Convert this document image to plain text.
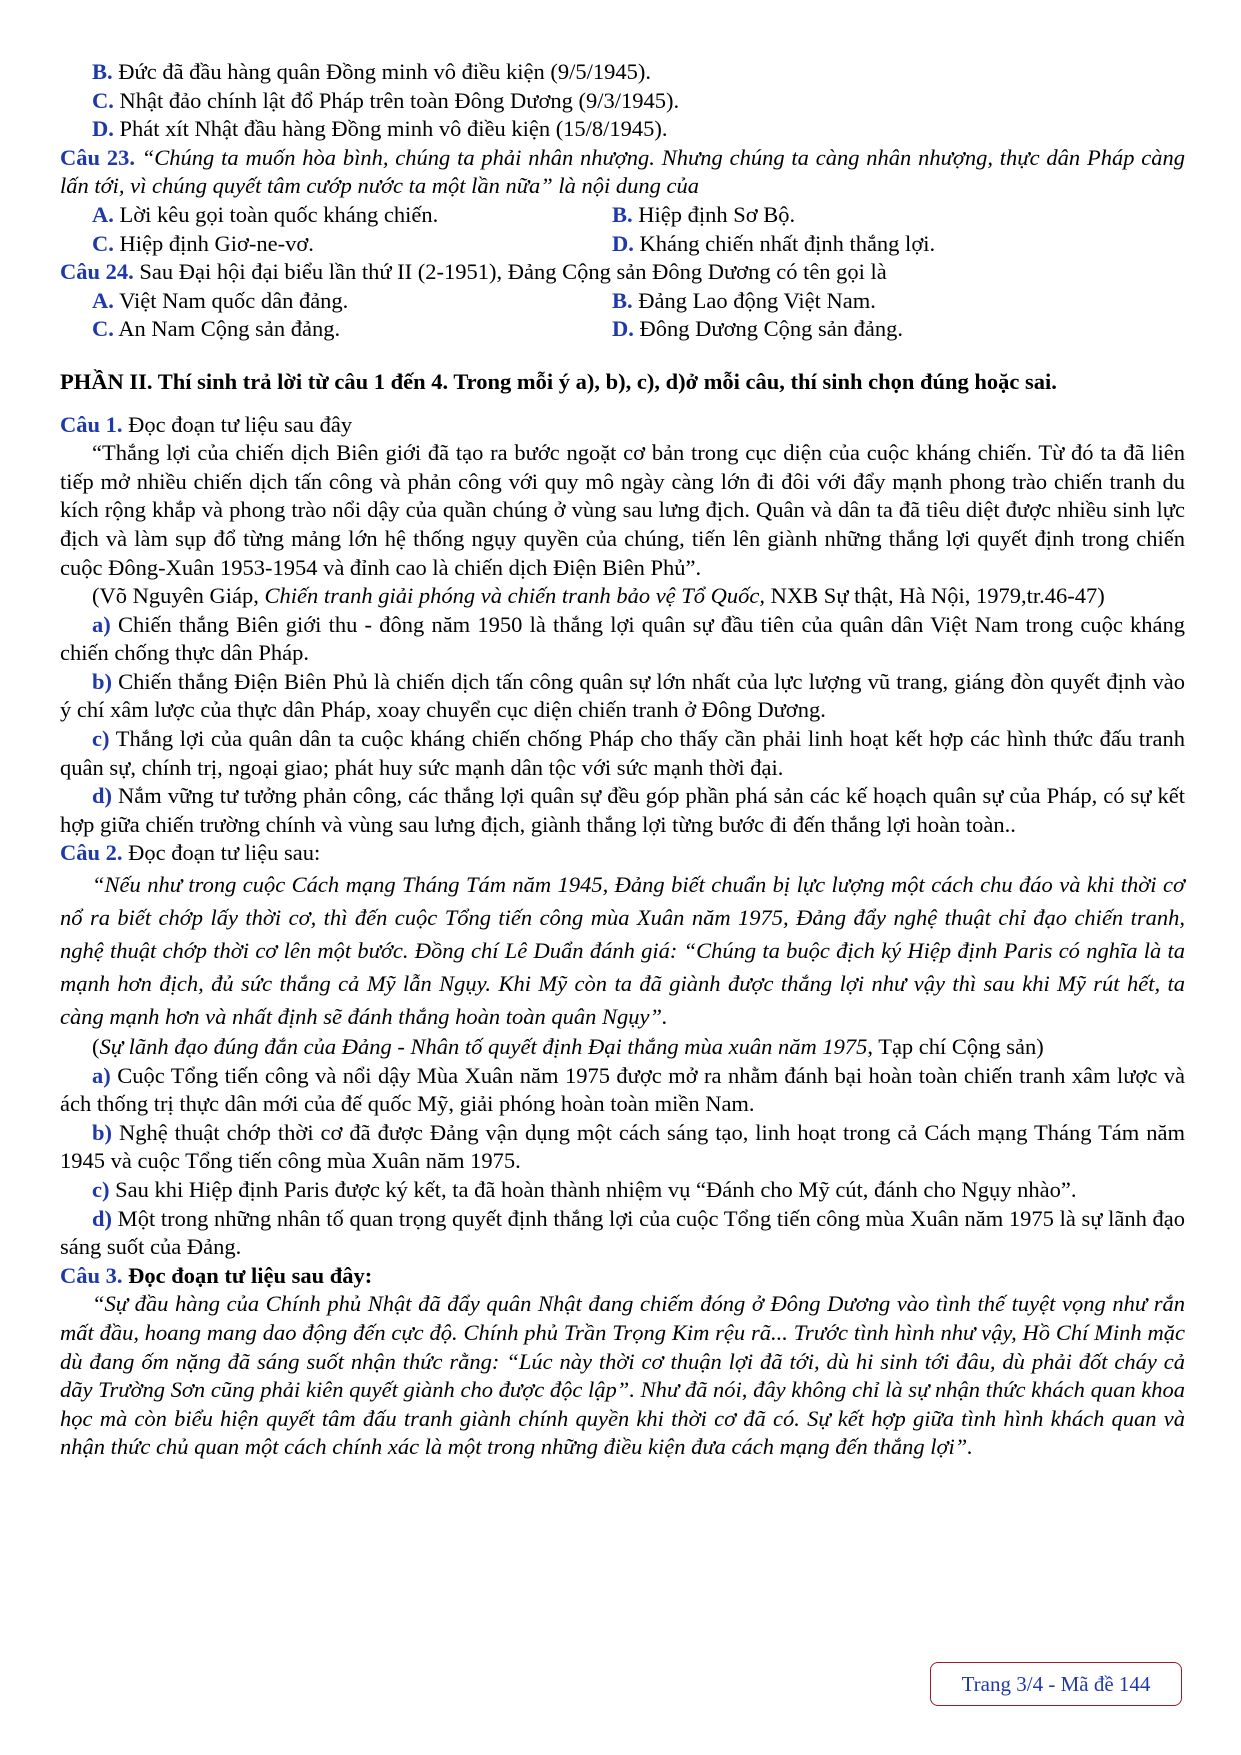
B. Đức đã đầu hàng quân Đồng minh vô điều kiện (9/5/1945).

C. Nhật đảo chính lật đổ Pháp trên toàn Đông Dương (9/3/1945).

D. Phát xít Nhật đầu hàng Đồng minh vô điều kiện (15/8/1945).

Câu 23. “Chúng ta muốn hòa bình, chúng ta phải nhân nhượng. Nhưng chúng ta càng nhân nhượng, thực dân Pháp càng lấn tới, vì chúng quyết tâm cướp nước ta một lần nữa” là nội dung của

A. Lời kêu gọi toàn quốc kháng chiến.	B. Hiệp định Sơ Bộ.
C. Hiệp định Giơ-ne-vơ.	D. Kháng chiến nhất định thắng lợi.

Câu 24. Sau Đại hội đại biểu lần thứ II (2-1951), Đảng Cộng sản Đông Dương có tên gọi là

A. Việt Nam quốc dân đảng.	B. Đảng Lao động Việt Nam.
C. An Nam Cộng sản đảng.	D. Đông Dương Cộng sản đảng.

PHẦN II. Thí sinh trả lời từ câu 1 đến 4. Trong mỗi ý a), b), c), d)ở mỗi câu, thí sinh chọn đúng hoặc sai.

Câu 1. Đọc đoạn tư liệu sau đây

“Thắng lợi của chiến dịch Biên giới đã tạo ra bước ngoặt cơ bản trong cục diện của cuộc kháng chiến. Từ đó ta đã liên tiếp mở nhiều chiến dịch tấn công và phản công với quy mô ngày càng lớn đi đôi với đẩy mạnh phong trào chiến tranh du kích rộng khắp và phong trào nổi dậy của quần chúng ở vùng sau lưng địch. Quân và dân ta đã tiêu diệt được nhiều sinh lực địch và làm sụp đổ từng mảng lớn hệ thống ngụy quyền của chúng, tiến lên giành những thắng lợi quyết định trong chiến cuộc Đông-Xuân 1953-1954 và đỉnh cao là chiến dịch Điện Biên Phủ”.

(Võ Nguyên Giáp, Chiến tranh giải phóng và chiến tranh bảo vệ Tổ Quốc, NXB Sự thật, Hà Nội, 1979,tr.46-47)

a) Chiến thắng Biên giới thu - đông năm 1950 là thắng lợi quân sự đầu tiên của quân dân Việt Nam trong cuộc kháng chiến chống thực dân Pháp.

b) Chiến thắng Điện Biên Phủ là chiến dịch tấn công quân sự lớn nhất của lực lượng vũ trang, giáng đòn quyết định vào ý chí xâm lược của thực dân Pháp, xoay chuyển cục diện chiến tranh ở Đông Dương.

c) Thắng lợi của quân dân ta cuộc kháng chiến chống Pháp cho thấy cần phải linh hoạt kết hợp các hình thức đấu tranh quân sự, chính trị, ngoại giao; phát huy sức mạnh dân tộc với sức mạnh thời đại.

d) Nắm vững tư tưởng phản công, các thắng lợi quân sự đều góp phần phá sản các kế hoạch quân sự của Pháp, có sự kết hợp giữa chiến trường chính và vùng sau lưng địch, giành thắng lợi từng bước đi đến thắng lợi hoàn toàn..

Câu 2. Đọc đoạn tư liệu sau:

“Nếu như trong cuộc Cách mạng Tháng Tám năm 1945, Đảng biết chuẩn bị lực lượng một cách chu đáo và khi thời cơ nổ ra biết chớp lấy thời cơ, thì đến cuộc Tổng tiến công mùa Xuân năm 1975, Đảng đẩy nghệ thuật chỉ đạo chiến tranh, nghệ thuật chớp thời cơ lên một bước. Đồng chí Lê Duẩn đánh giá: “Chúng ta buộc địch ký Hiệp định Paris có nghĩa là ta mạnh hơn địch, đủ sức thắng cả Mỹ lẫn Ngụy. Khi Mỹ còn ta đã giành được thắng lợi như vậy thì sau khi Mỹ rút hết, ta càng mạnh hơn và nhất định sẽ đánh thắng hoàn toàn quân Ngụy”.

(Sự lãnh đạo đúng đắn của Đảng - Nhân tố quyết định Đại thắng mùa xuân năm 1975, Tạp chí Cộng sản)

a) Cuộc Tổng tiến công và nổi dậy Mùa Xuân năm 1975 được mở ra nhằm đánh bại hoàn toàn chiến tranh xâm lược và ách thống trị thực dân mới của đế quốc Mỹ, giải phóng hoàn toàn miền Nam.

b) Nghệ thuật chớp thời cơ đã được Đảng vận dụng một cách sáng tạo, linh hoạt trong cả Cách mạng Tháng Tám năm 1945 và cuộc Tổng tiến công mùa Xuân năm 1975.

c) Sau khi Hiệp định Paris được ký kết, ta đã hoàn thành nhiệm vụ “Đánh cho Mỹ cút, đánh cho Ngụy nhào”.

d) Một trong những nhân tố quan trọng quyết định thắng lợi của cuộc Tổng tiến công mùa Xuân năm 1975 là sự lãnh đạo sáng suốt của Đảng.

Câu 3. Đọc đoạn tư liệu sau đây:

“Sự đầu hàng của Chính phủ Nhật đã đẩy quân Nhật đang chiếm đóng ở Đông Dương vào tình thế tuyệt vọng như rắn mất đầu, hoang mang dao động đến cực độ. Chính phủ Trần Trọng Kim rệu rã... Trước tình hình như vậy, Hồ Chí Minh mặc dù đang ốm nặng đã sáng suốt nhận thức rằng: “Lúc này thời cơ thuận lợi đã tới, dù hi sinh tới đâu, dù phải đốt cháy cả dãy Trường Sơn cũng phải kiên quyết giành cho được độc lập”. Như đã nói, đây không chỉ là sự nhận thức khách quan khoa học mà còn biểu hiện quyết tâm đấu tranh giành chính quyền khi thời cơ đã có. Sự kết hợp giữa tình hình khách quan và nhận thức chủ quan một cách chính xác là một trong những điều kiện đưa cách mạng đến thắng lợi”.

Trang 3/4 - Mã đề 144
